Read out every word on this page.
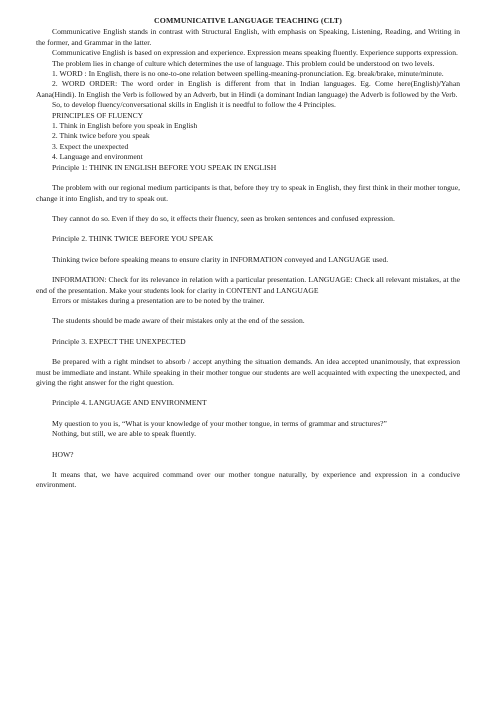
COMMUNICATIVE LANGUAGE TEACHING (CLT)

Communicative English stands in contrast with Structural English, with emphasis on Speaking, Listening, Reading, and Writing in the former, and Grammar in the latter.

Communicative English is based on expression and experience. Expression means speaking fluently. Experience supports expression.

The problem lies in change of culture which determines the use of language. This problem could be understood on two levels.

1. WORD : In English, there is no one-to-one relation between spelling-meaning-pronunciation. Eg. break/brake, minute/minute.

2. WORD ORDER: The word order in English is different from that in Indian languages. Eg. Come here(English)/Yahan Aana(Hindi). In English the Verb is followed by an Adverb, but in Hindi (a dominant Indian language) the Adverb is followed by the Verb.

So, to develop fluency/conversational skills in English it is needful to follow the 4 Principles.

PRINCIPLES OF FLUENCY

1. Think in English before you speak in English

2. Think twice before you speak

3. Expect the unexpected

4. Language and environment

Principle 1: THINK IN ENGLISH BEFORE YOU SPEAK IN ENGLISH

The problem with our regional medium participants is that, before they try to speak in English, they first think in their mother tongue, change it into English, and try to speak out.

They cannot do so. Even if they do so, it effects their fluency, seen as broken sentences and confused expression.

Principle 2. THINK TWICE BEFORE YOU SPEAK

Thinking twice before speaking means to ensure clarity in INFORMATION conveyed and LANGUAGE used.

INFORMATION: Check for its relevance in relation with a particular presentation. LANGUAGE: Check all relevant mistakes, at the end of the presentation. Make your students look for clarity in CONTENT and LANGUAGE

Errors or mistakes during a presentation are to be noted by the trainer.

The students should be made aware of their mistakes only at the end of the session.

Principle 3. EXPECT THE UNEXPECTED

Be prepared with a right mindset to absorb / accept anything the situation demands. An idea accepted unanimously, that expression must be immediate and instant. While speaking in their mother tongue our students are well acquainted with expecting the unexpected, and giving the right answer for the right question.

Principle 4. LANGUAGE AND ENVIRONMENT

My question to you is, “What is your knowledge of your mother tongue, in terms of grammar and structures?”

Nothing, but still, we are able to speak fluently.

HOW?

It means that, we have acquired command over our mother tongue naturally, by experience and expression in a conducive environment.
